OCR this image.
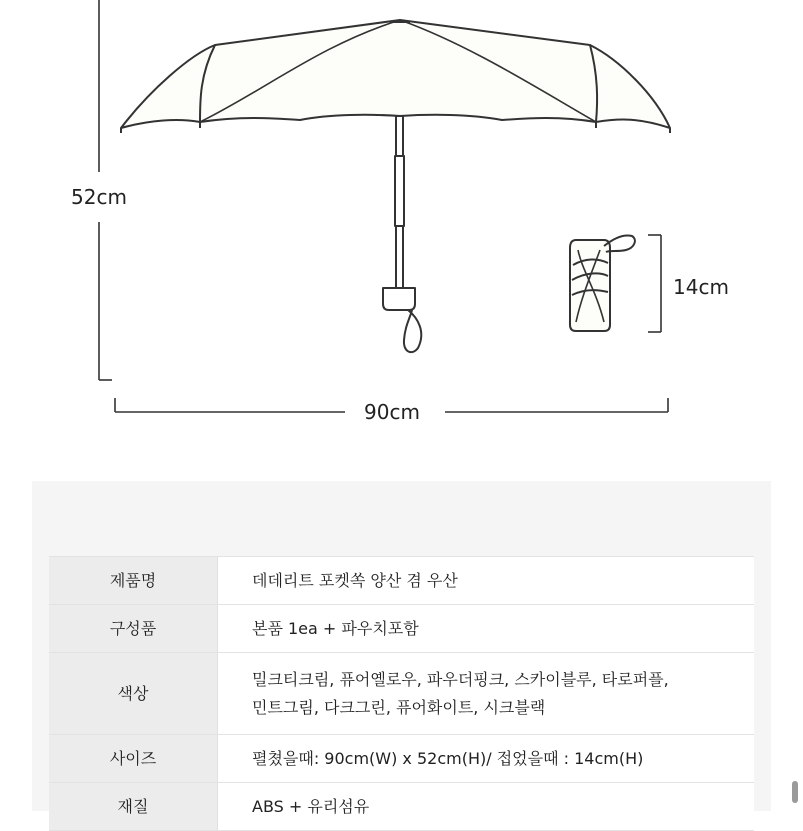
52cm
90cm
14cm
제품명	데데리트 포켓쏙 양산 겸 우산
구성품	본품 1ea + 파우치포함
색상	밀크티크림, 퓨어옐로우, 파우더핑크, 스카이블루, 타로퍼플,
민트그림, 다크그린, 퓨어화이트, 시크블랙

사이즈	펼쳤을때: 90cm(W) x 52cm(H)/ 접었을때 : 14cm(H)
재질	ABS + 유리섬유
